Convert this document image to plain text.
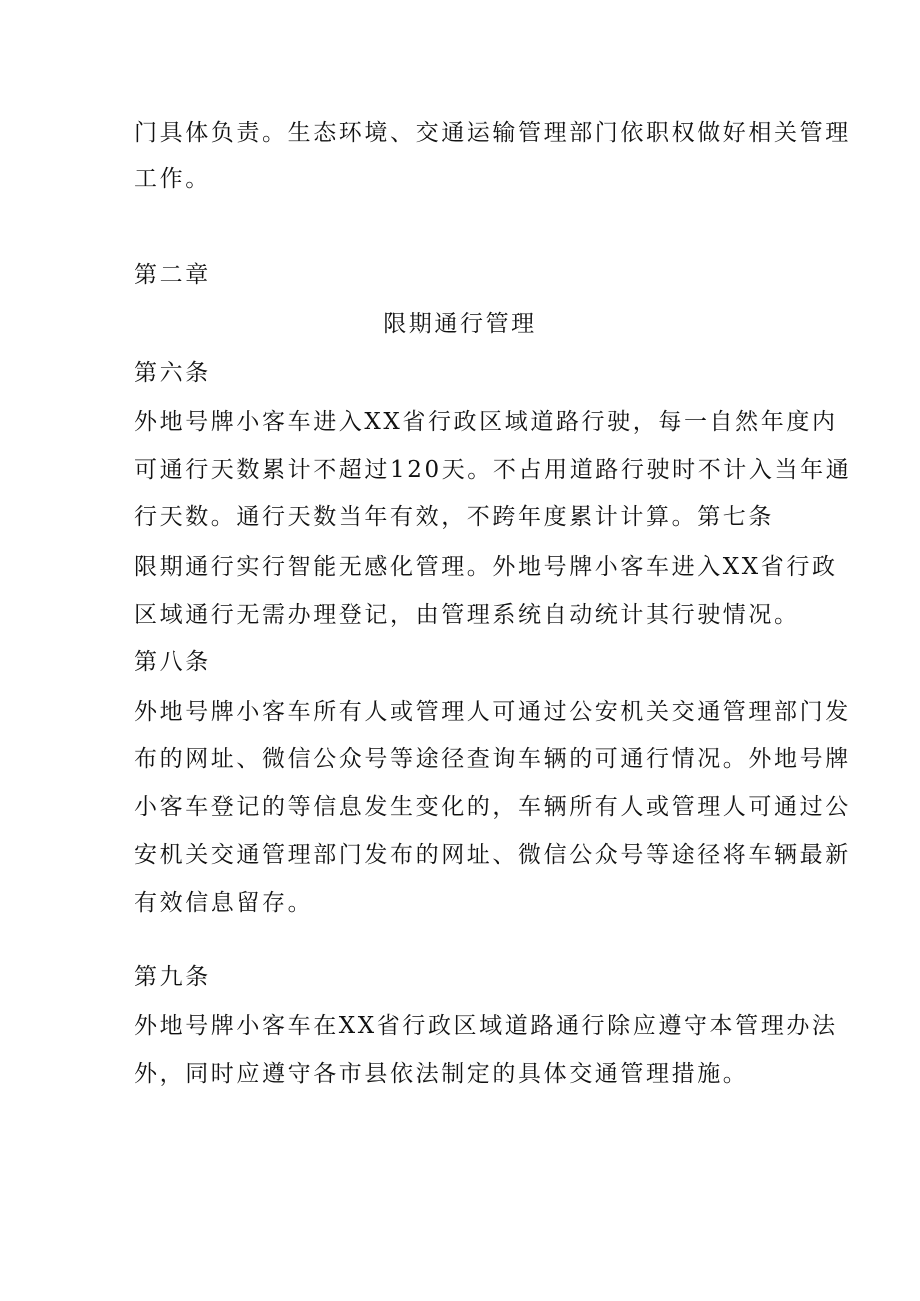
门具体负责。生态环境、交通运输管理部门依职权做好相关管理

工作。

第二章

限期通行管理

第六条

外地号牌小客车进入XX省行政区域道路行驶，每一自然年度内

可通行天数累计不超过120天。不占用道路行驶时不计入当年通

行天数。通行天数当年有效，不跨年度累计计算。第七条

限期通行实行智能无感化管理。外地号牌小客车进入XX省行政

区域通行无需办理登记，由管理系统自动统计其行驶情况。

第八条

外地号牌小客车所有人或管理人可通过公安机关交通管理部门发

布的网址、微信公众号等途径查询车辆的可通行情况。外地号牌

小客车登记的等信息发生变化的，车辆所有人或管理人可通过公

安机关交通管理部门发布的网址、微信公众号等途径将车辆最新

有效信息留存。

第九条

外地号牌小客车在XX省行政区域道路通行除应遵守本管理办法

外，同时应遵守各市县依法制定的具体交通管理措施。
